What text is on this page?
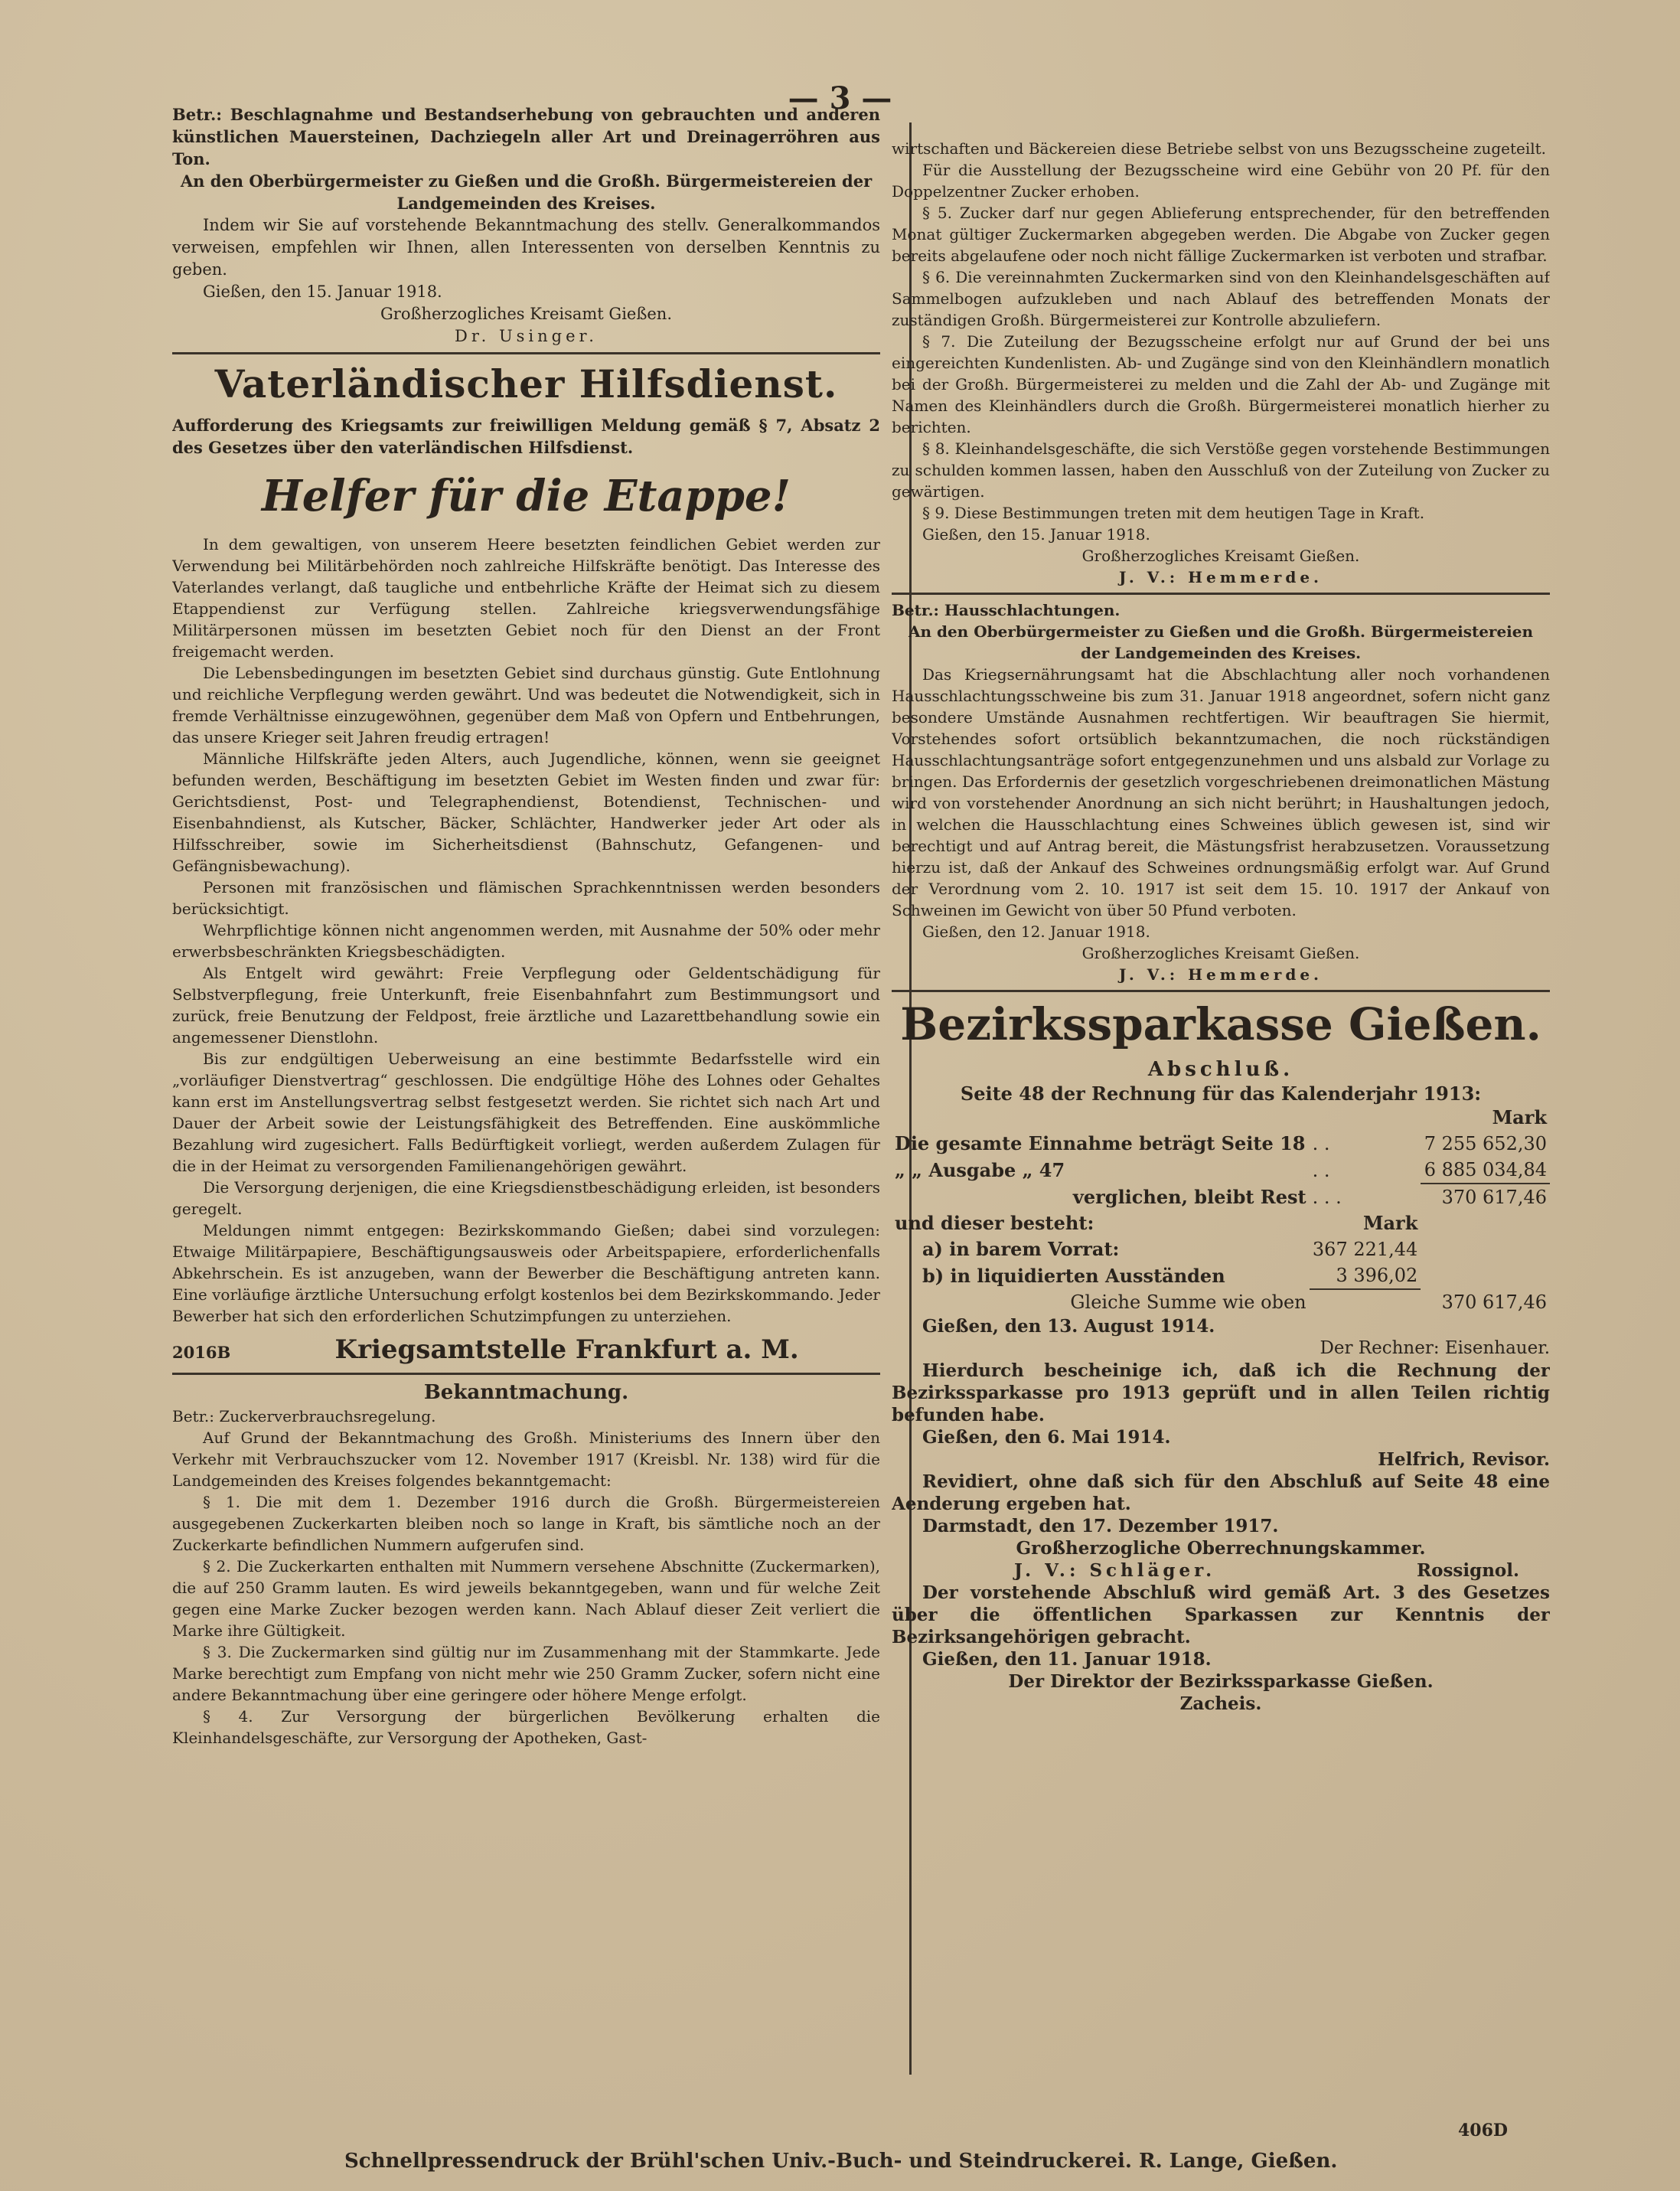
— 3 —

Betr.: Beschlagnahme und Bestandserhebung von gebrauchten und anderen künstlichen Mauersteinen, Dachziegeln aller Art und Dreinagerröhren aus Ton.

An den Oberbürgermeister zu Gießen und die Großh. Bürgermeistereien der Landgemeinden des Kreises.

Indem wir Sie auf vorstehende Bekanntmachung des stellv. Generalkommandos verweisen, empfehlen wir Ihnen, allen Interessenten von derselben Kenntnis zu geben.

Gießen, den 15. Januar 1918.

Großherzogliches Kreisamt Gießen.

Dr. Usinger.

Vaterländischer Hilfsdienst.

Aufforderung des Kriegsamts zur freiwilligen Meldung gemäß § 7, Absatz 2 des Gesetzes über den vaterländischen Hilfsdienst.

Helfer für die Etappe!

In dem gewaltigen, von unserem Heere besetzten feindlichen Gebiet werden zur Verwendung bei Militärbehörden noch zahlreiche Hilfskräfte benötigt. Das Interesse des Vaterlandes verlangt, daß taugliche und entbehrliche Kräfte der Heimat sich zu diesem Etappendienst zur Verfügung stellen. Zahlreiche kriegsverwendungsfähige Militärpersonen müssen im besetzten Gebiet noch für den Dienst an der Front freigemacht werden.

Die Lebensbedingungen im besetzten Gebiet sind durchaus günstig. Gute Entlohnung und reichliche Verpflegung werden gewährt. Und was bedeutet die Notwendigkeit, sich in fremde Verhältnisse einzugewöhnen, gegenüber dem Maß von Opfern und Entbehrungen, das unsere Krieger seit Jahren freudig ertragen!

Männliche Hilfskräfte jeden Alters, auch Jugendliche, können, wenn sie geeignet befunden werden, Beschäftigung im besetzten Gebiet im Westen finden und zwar für: Gerichtsdienst, Post- und Telegraphendienst, Botendienst, Technischen- und Eisenbahndienst, als Kutscher, Bäcker, Schlächter, Handwerker jeder Art oder als Hilfsschreiber, sowie im Sicherheitsdienst (Bahnschutz, Gefangenen- und Gefängnisbewachung).

Personen mit französischen und flämischen Sprachkenntnissen werden besonders berücksichtigt.

Wehrpflichtige können nicht angenommen werden, mit Ausnahme der 50% oder mehr erwerbsbeschränkten Kriegsbeschädigten.

Als Entgelt wird gewährt: Freie Verpflegung oder Geldentschädigung für Selbstverpflegung, freie Unterkunft, freie Eisenbahnfahrt zum Bestimmungsort und zurück, freie Benutzung der Feldpost, freie ärztliche und Lazarettbehandlung sowie ein angemessener Dienstlohn.

Bis zur endgültigen Ueberweisung an eine bestimmte Bedarfsstelle wird ein „vorläufiger Dienstvertrag“ geschlossen. Die endgültige Höhe des Lohnes oder Gehaltes kann erst im Anstellungsvertrag selbst festgesetzt werden. Sie richtet sich nach Art und Dauer der Arbeit sowie der Leistungsfähigkeit des Betreffenden. Eine auskömmliche Bezahlung wird zugesichert. Falls Bedürftigkeit vorliegt, werden außerdem Zulagen für die in der Heimat zu versorgenden Familienangehörigen gewährt.

Die Versorgung derjenigen, die eine Kriegsdienstbeschädigung erleiden, ist besonders geregelt.

Meldungen nimmt entgegen: Bezirkskommando Gießen; dabei sind vorzulegen: Etwaige Militärpapiere, Beschäftigungsausweis oder Arbeitspapiere, erforderlichenfalls Abkehrschein. Es ist anzugeben, wann der Bewerber die Beschäftigung antreten kann. Eine vorläufige ärztliche Untersuchung erfolgt kostenlos bei dem Bezirkskommando. Jeder Bewerber hat sich den erforderlichen Schutzimpfungen zu unterziehen.

2016B	Kriegsamtstelle Frankfurt a. M.
Bekanntmachung.

Betr.: Zuckerverbrauchsregelung.

Auf Grund der Bekanntmachung des Großh. Ministeriums des Innern über den Verkehr mit Verbrauchszucker vom 12. November 1917 (Kreisbl. Nr. 138) wird für die Landgemeinden des Kreises folgendes bekanntgemacht:

§ 1. Die mit dem 1. Dezember 1916 durch die Großh. Bürgermeistereien ausgegebenen Zuckerkarten bleiben noch so lange in Kraft, bis sämtliche noch an der Zuckerkarte befindlichen Nummern aufgerufen sind.

§ 2. Die Zuckerkarten enthalten mit Nummern versehene Abschnitte (Zuckermarken), die auf 250 Gramm lauten. Es wird jeweils bekanntgegeben, wann und für welche Zeit gegen eine Marke Zucker bezogen werden kann. Nach Ablauf dieser Zeit verliert die Marke ihre Gültigkeit.

§ 3. Die Zuckermarken sind gültig nur im Zusammenhang mit der Stammkarte. Jede Marke berechtigt zum Empfang von nicht mehr wie 250 Gramm Zucker, sofern nicht eine andere Bekanntmachung über eine geringere oder höhere Menge erfolgt.

§ 4. Zur Versorgung der bürgerlichen Bevölkerung erhalten die Kleinhandelsgeschäfte, zur Versorgung der Apotheken, Gast-

wirtschaften und Bäckereien diese Betriebe selbst von uns Bezugsscheine zugeteilt.

Für die Ausstellung der Bezugsscheine wird eine Gebühr von 20 Pf. für den Doppelzentner Zucker erhoben.

§ 5. Zucker darf nur gegen Ablieferung entsprechender, für den betreffenden Monat gültiger Zuckermarken abgegeben werden. Die Abgabe von Zucker gegen bereits abgelaufene oder noch nicht fällige Zuckermarken ist verboten und strafbar.

§ 6. Die vereinnahmten Zuckermarken sind von den Kleinhandelsgeschäften auf Sammelbogen aufzukleben und nach Ablauf des betreffenden Monats der zuständigen Großh. Bürgermeisterei zur Kontrolle abzuliefern.

§ 7. Die Zuteilung der Bezugsscheine erfolgt nur auf Grund der bei uns eingereichten Kundenlisten. Ab- und Zugänge sind von den Kleinhändlern monatlich bei der Großh. Bürgermeisterei zu melden und die Zahl der Ab- und Zugänge mit Namen des Kleinhändlers durch die Großh. Bürgermeisterei monatlich hierher zu berichten.

§ 8. Kleinhandelsgeschäfte, die sich Verstöße gegen vorstehende Bestimmungen zu schulden kommen lassen, haben den Ausschluß von der Zuteilung von Zucker zu gewärtigen.

§ 9. Diese Bestimmungen treten mit dem heutigen Tage in Kraft.

Gießen, den 15. Januar 1918.

Großherzogliches Kreisamt Gießen.

J. V.: Hemmerde.

Betr.: Hausschlachtungen.

An den Oberbürgermeister zu Gießen und die Großh. Bürgermeistereien der Landgemeinden des Kreises.

Das Kriegsernährungsamt hat die Abschlachtung aller noch vorhandenen Hausschlachtungsschweine bis zum 31. Januar 1918 angeordnet, sofern nicht ganz besondere Umstände Ausnahmen rechtfertigen. Wir beauftragen Sie hiermit, Vorstehendes sofort ortsüblich bekanntzumachen, die noch rückständigen Hausschlachtungsanträge sofort entgegenzunehmen und uns alsbald zur Vorlage zu bringen. Das Erfordernis der gesetzlich vorgeschriebenen dreimonatlichen Mästung wird von vorstehender Anordnung an sich nicht berührt; in Haushaltungen jedoch, in welchen die Hausschlachtung eines Schweines üblich gewesen ist, sind wir berechtigt und auf Antrag bereit, die Mästungsfrist herabzusetzen. Voraussetzung hierzu ist, daß der Ankauf des Schweines ordnungsmäßig erfolgt war. Auf Grund der Verordnung vom 2. 10. 1917 ist seit dem 15. 10. 1917 der Ankauf von Schweinen im Gewicht von über 50 Pfund verboten.

Gießen, den 12. Januar 1918.

Großherzogliches Kreisamt Gießen.

J. V.: Hemmerde.

Bezirkssparkasse Gießen.
Abschluß.

Seite 48 der Rechnung für das Kalenderjahr 1913:

		Mark
Die gesamte Einnahme beträgt Seite 18	. .	7 255 652,30
„ „ Ausgabe „ 47	. .	6 885 034,84
verglichen, bleibt Rest	. . .	370 617,46
und dieser besteht:	Mark	
a) in barem Vorrat:	367 221,44	
b) in liquidierten Ausständen	3 396,02	
Gleiche Summe wie oben		370 617,46

Gießen, den 13. August 1914.

Der Rechner: Eisenhauer.

Hierdurch bescheinige ich, daß ich die Rechnung der Bezirkssparkasse pro 1913 geprüft und in allen Teilen richtig befunden habe.

Gießen, den 6. Mai 1914.

Helfrich, Revisor.

Revidiert, ohne daß sich für den Abschluß auf Seite 48 eine Aenderung ergeben hat.

Darmstadt, den 17. Dezember 1917.

Großherzogliche Oberrechnungskammer.

J. V.: Schläger.	Rossignol.

Der vorstehende Abschluß wird gemäß Art. 3 des Gesetzes über die öffentlichen Sparkassen zur Kenntnis der Bezirksangehörigen gebracht.

Gießen, den 11. Januar 1918.

Der Direktor der Bezirkssparkasse Gießen.

Zacheis.

406D
Schnellpressendruck der Brühl'schen Univ.-Buch- und Steindruckerei. R. Lange, Gießen.
